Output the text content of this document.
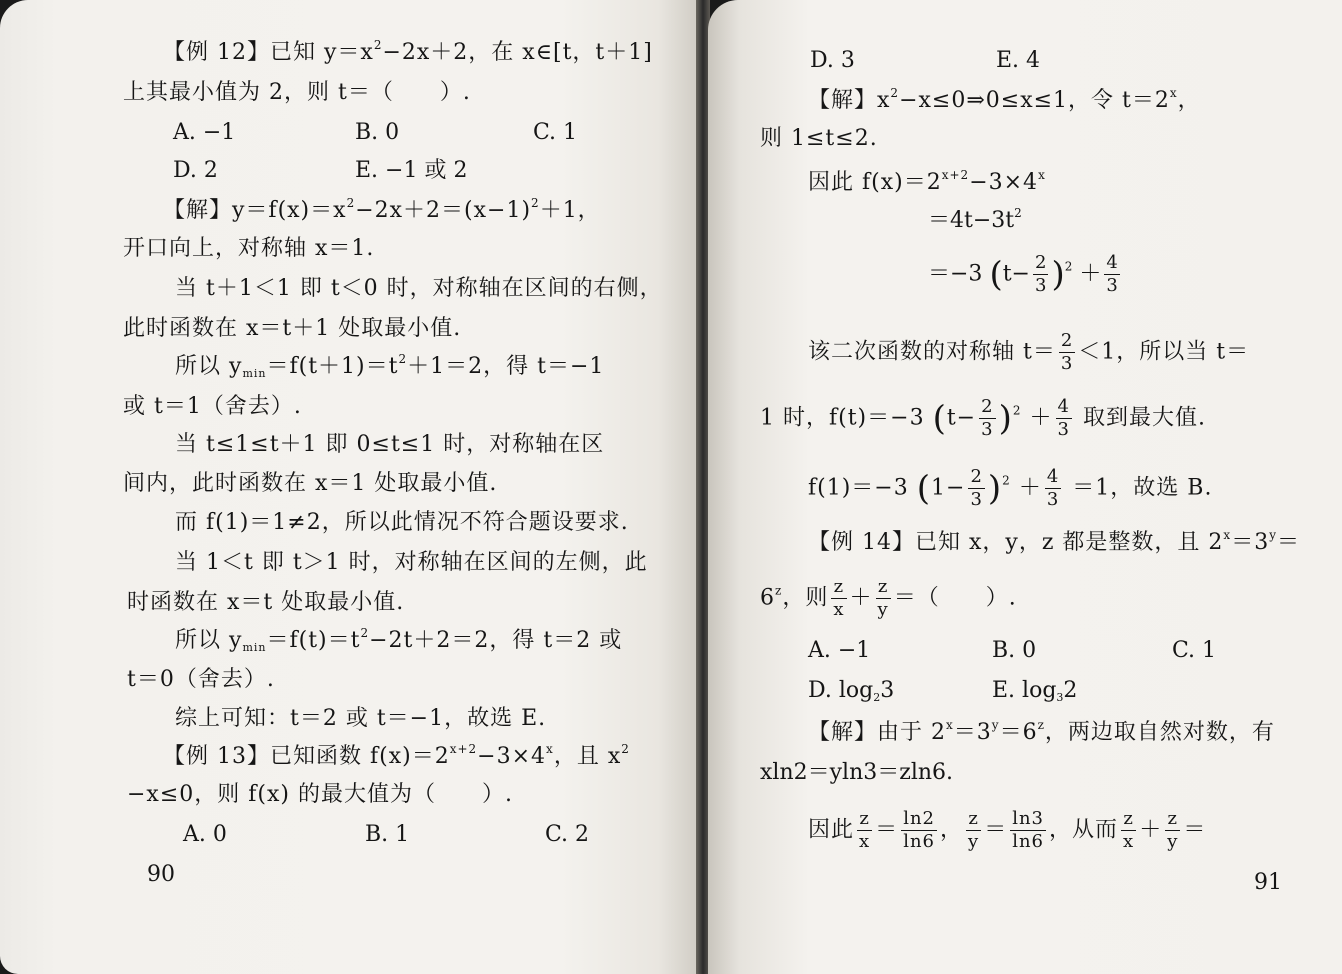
【例 12】已知 $y=x^2-2x+2$，在 x∈[t，t＋1]
上其最小值为 2，则 t＝（　　）.
A. −1	B. 0	C. 1
D. 2	E. −1 或 2
【解】$y=f(x)=x^2-2x+2=(x-1)^2+1$，
开口向上，对称轴 x＝1.
当 t＋1＜1 即 t＜0 时，对称轴在区间的右侧，
此时函数在 x＝t＋1 处取最小值.
所以 $y_{min}=f(t+1)=t^2+1=2$，得 t＝−1
或 t＝1（舍去）.
当 t≤1≤t＋1 即 0≤t≤1 时，对称轴在区
间内，此时函数在 x＝1 处取最小值.
而 f(1)＝1≠2，所以此情况不符合题设要求.
当 1＜t 即 t＞1 时，对称轴在区间的左侧，此
时函数在 x＝t 处取最小值.
所以 $y_{min}=f(t)=t^2-2t+2=2$，得 t＝2 或
t＝0（舍去）.
综上可知：t＝2 或 t＝−1，故选 E.
【例 13】已知函数 $f(x)=2^{x+2}-3\times 4^x$，且 $x^2$
−x≤0，则 f(x) 的最大值为（　　）.
A. 0	B. 1	C. 2
90
D. 3	E. 4
【解】$x^2-x\le 0\Rightarrow 0\le x\le 1$，令 $t=2^x$，
则 1≤t≤2.
因此 $f(x)=2^{x+2}-3\times 4^x$
$=4t-3t^2$
＝−3 $(t- \frac{2}{3} )^2 + \frac{4}{3}$
该二次函数的对称轴 $t= \frac{2}{3} <1$，所以当 t＝
1 时，f(t)＝−3 $(t- \frac{2}{3} )^2 + \frac{4}{3}$ 取到最大值.
f(1)＝−3 $(1- \frac{2}{3} )^2 + \frac{4}{3} =1$，故选 B.
【例 14】已知 x，y，z 都是整数，且 $2^x=3^y=$
$6^z$，则 $\frac{z}{x} + \frac{z}{y}$ ＝（　　）.
A. −1	B. 0	C. 1
D. $\log_23$	E. $\log_32$
【解】由于 $2^x=3^y=6^z$，两边取自然对数，有
xln2＝yln3＝zln6.
因此 $\frac{z}{x} = \frac{\ln 2}{\ln 6}$ ， $\frac{z}{y} = \frac{\ln 3}{\ln 6}$ ，从而 $\frac{z}{x} + \frac{z}{y}$ ＝
91
